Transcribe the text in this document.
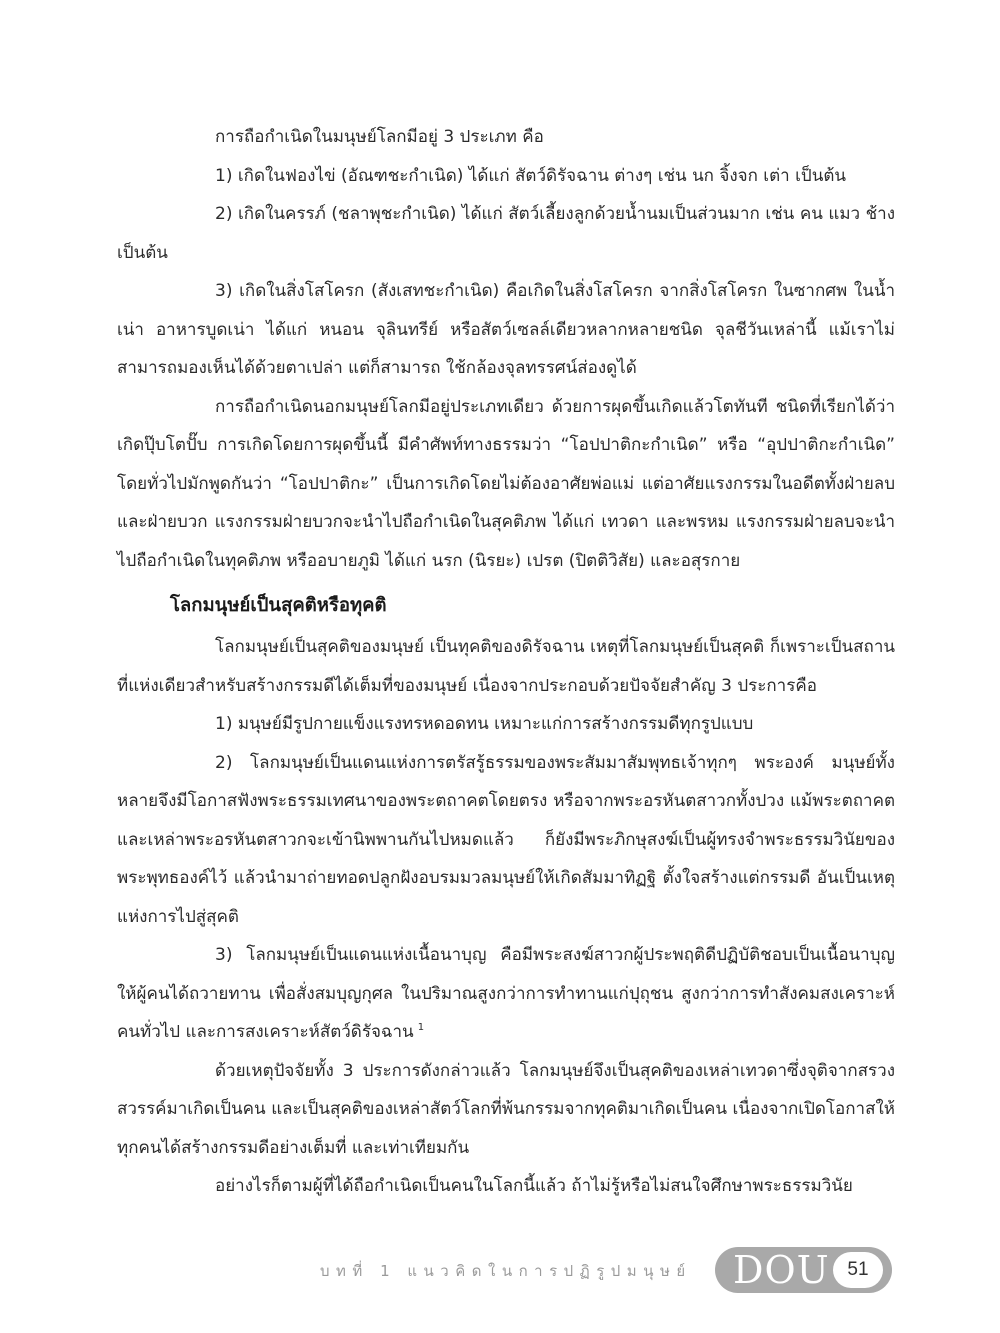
การถือกำเนิดในมนุษย์โลกมีอยู่ 3 ประเภท คือ

1) เกิดในฟองไข่ (อัณฑชะกำเนิด) ได้แก่ สัตว์ดิรัจฉาน ต่างๆ เช่น นก จิ้งจก เต่า เป็นต้น

2) เกิดในครรภ์ (ชลาพุชะกำเนิด) ได้แก่ สัตว์เลี้ยงลูกด้วยน้ำนมเป็นส่วนมาก เช่น คน แมว ช้าง เป็นต้น

3) เกิดในสิ่งโสโครก (สังเสทชะกำเนิด) คือเกิดในสิ่งโสโครก จากสิ่งโสโครก ในซากศพ ในน้ำเน่า อาหารบูดเน่า ได้แก่ หนอน จุลินทรีย์ หรือสัตว์เซลล์เดียวหลากหลายชนิด จุลชีวันเหล่านี้ แม้เราไม่สามารถมองเห็นได้ด้วยตาเปล่า แต่ก็สามารถ ใช้กล้องจุลทรรศน์ส่องดูได้

การถือกำเนิดนอกมนุษย์โลกมีอยู่ประเภทเดียว ด้วยการผุดขึ้นเกิดแล้วโตทันที ชนิดที่เรียกได้ว่า เกิดปุ๊บโตปั๊บ การเกิดโดยการผุดขึ้นนี้ มีคำศัพท์ทางธรรมว่า “โอปปาติกะกำเนิด” หรือ “อุปปาติกะกำเนิด” โดยทั่วไปมักพูดกันว่า “โอปปาติกะ” เป็นการเกิดโดยไม่ต้องอาศัยพ่อแม่ แต่อาศัยแรงกรรมในอดีตทั้งฝ่ายลบและฝ่ายบวก แรงกรรมฝ่ายบวกจะนำไปถือกำเนิดในสุคติภพ ได้แก่ เทวดา และพรหม แรงกรรมฝ่ายลบจะนำไปถือกำเนิดในทุคติภพ หรืออบายภูมิ ได้แก่ นรก (นิรยะ) เปรต (ปิตติวิสัย) และอสุรกาย

โลกมนุษย์เป็นสุคติหรือทุคติ

โลกมนุษย์เป็นสุคติของมนุษย์ เป็นทุคติของดิรัจฉาน เหตุที่โลกมนุษย์เป็นสุคติ ก็เพราะเป็นสถานที่แห่งเดียวสำหรับสร้างกรรมดีได้เต็มที่ของมนุษย์ เนื่องจากประกอบด้วยปัจจัยสำคัญ 3 ประการคือ

1) มนุษย์มีรูปกายแข็งแรงทรหดอดทน เหมาะแก่การสร้างกรรมดีทุกรูปแบบ

2) โลกมนุษย์เป็นแดนแห่งการตรัสรู้ธรรมของพระสัมมาสัมพุทธเจ้าทุกๆ พระองค์ มนุษย์ทั้งหลายจึงมีโอกาสฟังพระธรรมเทศนาของพระตถาคตโดยตรง หรือจากพระอรหันตสาวกทั้งปวง แม้พระตถาคต และเหล่าพระอรหันตสาวกจะเข้านิพพานกันไปหมดแล้ว ก็ยังมีพระภิกษุสงฆ์เป็นผู้ทรงจำพระธรรมวินัยของพระพุทธองค์ไว้ แล้วนำมาถ่ายทอดปลูกฝังอบรมมวลมนุษย์ให้เกิดสัมมาทิฏฐิ ตั้งใจสร้างแต่กรรมดี อันเป็นเหตุแห่งการไปสู่สุคติ

3) โลกมนุษย์เป็นแดนแห่งเนื้อนาบุญ คือมีพระสงฆ์สาวกผู้ประพฤติดีปฏิบัติชอบเป็นเนื้อนาบุญ ให้ผู้คนได้ถวายทาน เพื่อสั่งสมบุญกุศล ในปริมาณสูงกว่าการทำทานแก่ปุถุชน สูงกว่าการทำสังคมสงเคราะห์คนทั่วไป และการสงเคราะห์สัตว์ดิรัจฉาน $^1$

ด้วยเหตุปัจจัยทั้ง 3 ประการดังกล่าวแล้ว โลกมนุษย์จึงเป็นสุคติของเหล่าเทวดาซึ่งจุติจากสรวงสวรรค์มาเกิดเป็นคน และเป็นสุคติของเหล่าสัตว์โลกที่พ้นกรรมจากทุคติมาเกิดเป็นคน เนื่องจากเปิดโอกาสให้ทุกคนได้สร้างกรรมดีอย่างเต็มที่ และเท่าเทียมกัน

อย่างไรก็ตามผู้ที่ได้ถือกำเนิดเป็นคนในโลกนี้แล้ว ถ้าไม่รู้หรือไม่สนใจศึกษาพระธรรมวินัย

บทที่ 1 แนวคิดในการปฏิรูปมนุษย์ DOU 51
